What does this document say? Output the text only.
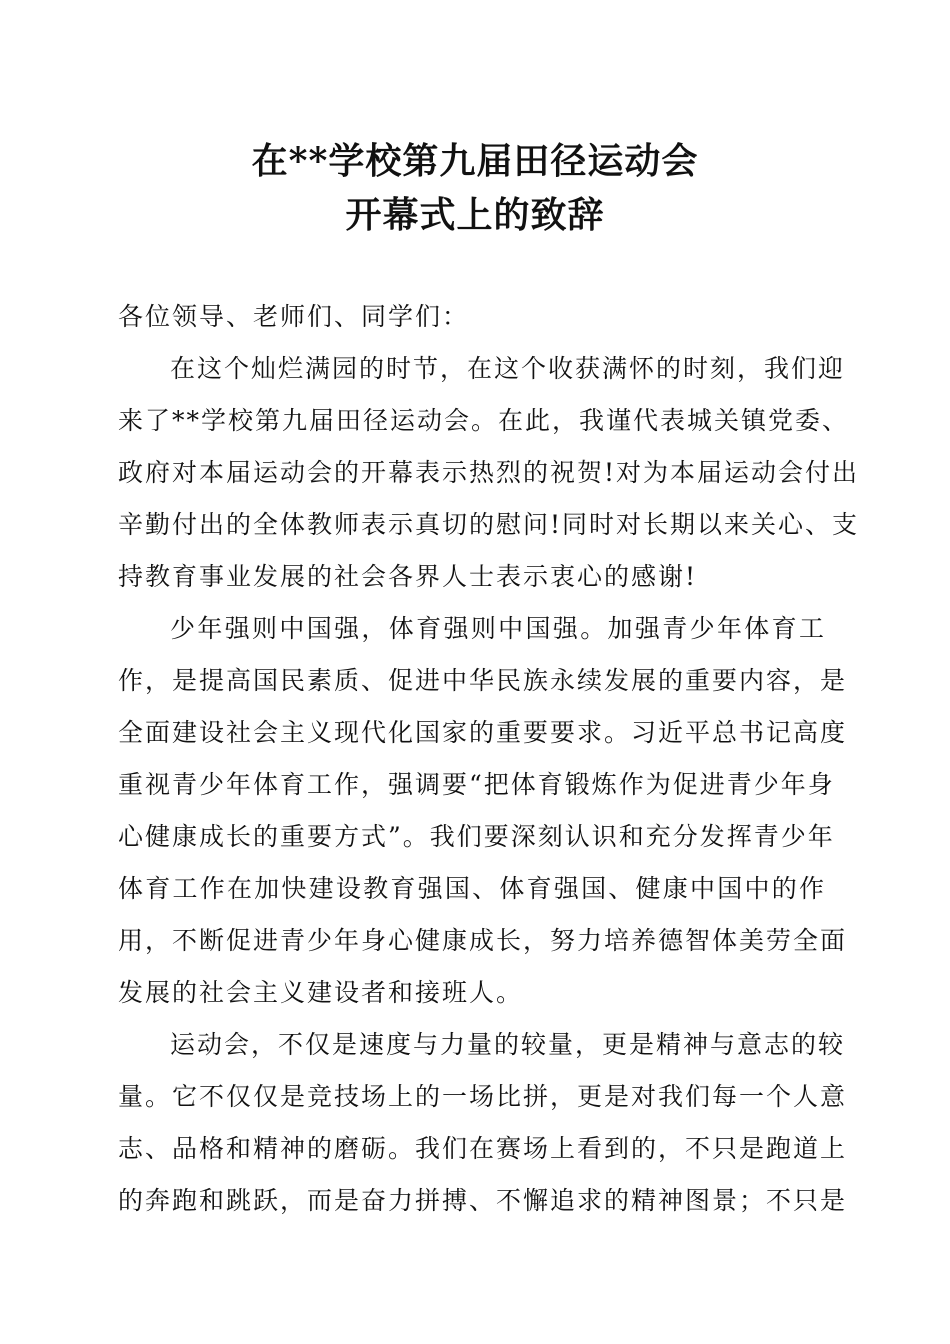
在**学校第九届田径运动会
开幕式上的致辞

各位领导、老师们、同学们：

在这个灿烂满园的时节，在这个收获满怀的时刻，我们迎
来了**学校第九届田径运动会。在此，我谨代表城关镇党委、
政府对本届运动会的开幕表示热烈的祝贺!对为本届运动会付出
辛勤付出的全体教师表示真切的慰问!同时对长期以来关心、支
持教育事业发展的社会各界人士表示衷心的感谢!

少年强则中国强，体育强则中国强。加强青少年体育工
作，是提高国民素质、促进中华民族永续发展的重要内容，是
全面建设社会主义现代化国家的重要要求。习近平总书记高度
重视青少年体育工作，强调要“把体育锻炼作为促进青少年身
心健康成长的重要方式”。我们要深刻认识和充分发挥青少年
体育工作在加快建设教育强国、体育强国、健康中国中的作
用，不断促进青少年身心健康成长，努力培养德智体美劳全面
发展的社会主义建设者和接班人。

运动会，不仅是速度与力量的较量，更是精神与意志的较
量。它不仅仅是竞技场上的一场比拼，更是对我们每一个人意
志、品格和精神的磨砺。我们在赛场上看到的，不只是跑道上
的奔跑和跳跃，而是奋力拼搏、不懈追求的精神图景；不只是
